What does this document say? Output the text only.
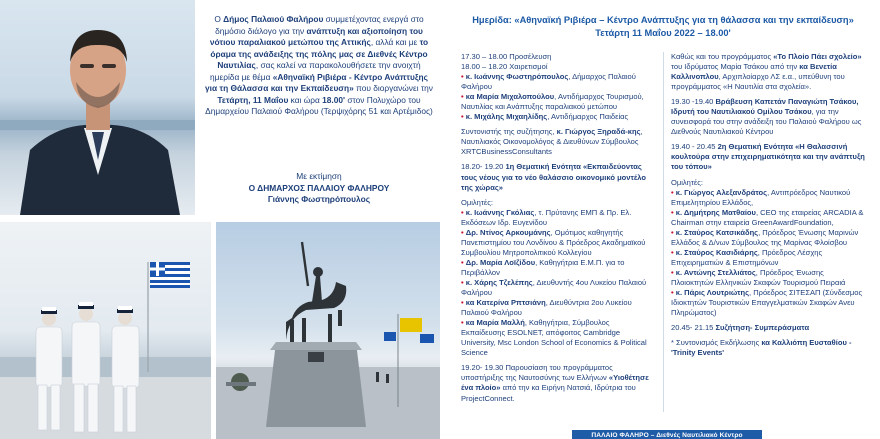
Ο Δήμος Παλαιού Φαλήρου συμμετέχοντας ενεργά στο δημόσιο διάλογο για την ανάπτυξη και αξιοποίηση του νότιου παραλιακού μετώπου της Αττικής, αλλά και με το όραμα της ανάδειξης της πόλης μας σε Διεθνές Κέντρο Ναυτιλίας, σας καλεί να παρακολουθήσετε την ανοιχτή ημερίδα με θέμα «Αθηναϊκή Ριβιέρα - Κέντρο Ανάπτυξης για τη Θάλασσα και την Εκπαίδευση» που διοργανώνει την Τετάρτη, 11 Μαΐου και ώρα 18.00' στον Πολυχώρο του Δημαρχείου Παλαιού Φαλήρου (Τερψιχόρης 51 και Αρτέμιδος)
Με εκτίμηση
Ο ΔΗΜΑΡΧΟΣ ΠΑΛΑΙΟΥ ΦΑΛΗΡΟΥ
Γιάννης Φωστηρόπουλος
Ημερίδα: «Αθηναϊκή Ριβιέρα – Κέντρο Ανάπτυξης για τη θάλασσα και την εκπαίδευση»
Τετάρτη 11 Μαΐου 2022 – 18.00'

17.30 – 18.00 Προσέλευση
18.00 – 18.20 Χαιρετισμοί
• κ. Ιωάννης Φωστηρόπουλος, Δήμαρχος Παλαιού Φαλήρου
• κα Μαρία Μιχαλοπούλου, Αντιδήμαρχος Τουρισμού, Ναυτιλίας και Ανάπτυξης παραλιακού μετώπου
• κ. Μιχάλης Μιχαηλίδης, Αντιδήμαρχος Παιδείας

Συντονιστής της συζήτησης, κ. Γιώργος Ξηραδά-κης, Ναυτιλιακός Οικονομολόγος & Διευθύνων Σύμβουλος XRTCBusinessConsultants

18.20- 19.20 1η Θεματική Ενότητα «Εκπαιδεύοντας τους νέους για το νέο θαλάσσιο οικονομικό μοντέλο της χώρας»

Ομιλητές:
• κ. Ιωάννης Γκόλιας, τ. Πρύτανης ΕΜΠ & Πρ. Ελ. Εκδόσεων Ιδρ. Ευγενίδου
• Δρ. Ντίνος Αρκουμάνης, Ομότιμος καθηγητής Πανεπιστημίου του Λονδίνου & Πρόεδρος Ακαδημαϊκού Συμβουλίου Μητροπολιτικού Κολλεγίου
• Δρ. Μαρία Λοϊζίδου, Καθηγήτρια Ε.Μ.Π. για το Περιβάλλον
• κ. Χάρης Τζελέπης, Διευθυντής 4ου Λυκείου Παλαιού Φαλήρου
• κα Κατερίνα Ρπτσιάνη, Διευθύντρια 2ου Λυκείου Παλαιού Φαλήρου
• κα Μαρία Μαλλή, Καθηγήτρια, Σύμβουλος Εκπαίδευσης ESOLNET, απόφοιτος Cambridge University, Msc London School of Economics & Political Science

19.20- 19.30 Παρουσίαση του προγράμματος υποστήριξης της Ναυτοσύνης των Ελλήνων «Υιοθέτησε ένα πλοίο» από την κα Ειρήνη Νατσιά, Ιδρύτρια του ProjectConnect.

Καθώς και του προγράμματος «Το Πλοίο Πάει σχολείο» του Ιδρύματος Μαρία Τσάκου από την κα Βενετία Καλλινοπλου, Αρχιπλοίαρχο ΛΣ ε.α., υπεύθυνη του προγράμματος «Η Ναυτιλία στα σχολεία».

19.30 -19.40 Βράβευση Καπετάν Παναγιώτη Τσάκου, Ιδρυτή του Ναυτιλιακού Ομίλου Τσάκου, για την συνεισφορά του στην ανάδειξη του Παλαιού Φαλήρου ως Διεθνούς Ναυτιλιακού Κέντρου

19.40 - 20.45 2η Θεματική Ενότητα «Η Θαλασσινή κουλτούρα στην επιχειρηματικότητα και την ανάπτυξη του τόπου»

Ομιλητές:
• κ. Γιώργος Αλεξανδράτος, Αντιπρόεδρος Ναυτικού Επιμελητηρίου Ελλάδος,
• κ. Δημήτρης Ματθαίου, CEO της εταιρείας ARCADIA & Chairman στην εταιρεία GreenAwardFoundation,
• κ. Σταύρος Κατσικάδης, Πρόεδρος Ένωσης Μαρινών Ελλάδος & Δ/νων Σύμβουλος της Μαρίνας Φλοίσβου
• κ. Σταύρος Κασιδιάρης, Πρόεδρος Λέσχης Επιχειρηματιών & Επιστημόνων
• κ. Αντώνης Στελλιάτος, Πρόεδρος Ένωσης Πλοιοκτητών Ελληνικών Σκαφών Τουρισμού Πειραιά
• κ. Πάρις Λουτριώτης, Πρόεδρος ΣΙΤΕΣΑΠ (Σύνδεσμος Ιδιοκτητών Τουριστικών Επαγγελματικών Σκαφών Ανευ Πληρώματος)

20.45- 21.15 Συζήτηση- Συμπεράσματα

* Συντονισμός Εκδήλωσης κα Καλλιόπη Ευσταθίου - 'Trinity Events'

ΠΑΛΑΙΟ ΦΑΛΗΡΟ – Διεθνές Ναυτιλιακό Κέντρο
